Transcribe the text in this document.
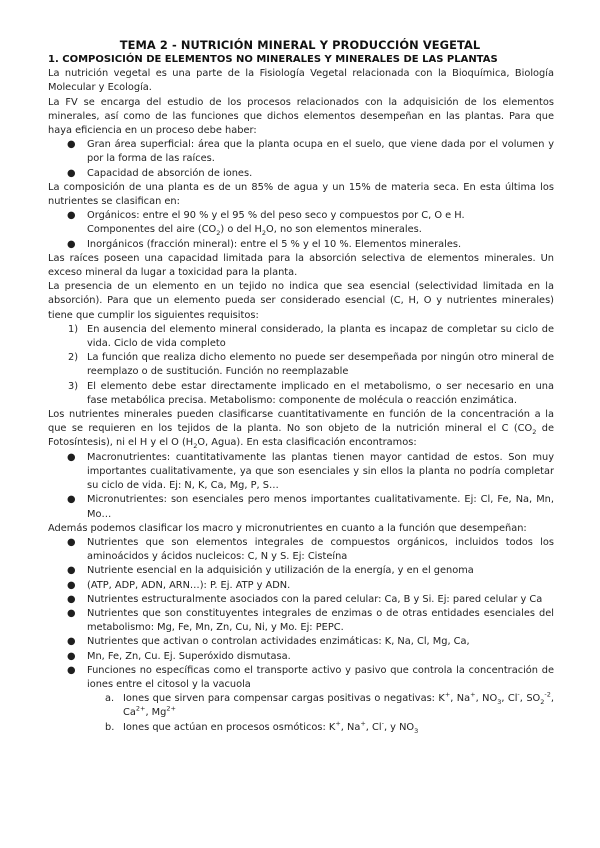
TEMA 2 - NUTRICIÓN MINERAL Y PRODUCCIÓN VEGETAL

1. COMPOSICIÓN DE ELEMENTOS NO MINERALES Y MINERALES DE LAS PLANTAS

La nutrición vegetal es una parte de la Fisiología Vegetal relacionada con la Bioquímica, Biología Molecular y Ecología.

La FV se encarga del estudio de los procesos relacionados con la adquisición de los elementos minerales, así como de las funciones que dichos elementos desempeñan en las plantas. Para que haya eficiencia en un proceso debe haber:

● Gran área superficial: área que la planta ocupa en el suelo, que viene dada por el volumen y por la forma de las raíces.
● Capacidad de absorción de iones.

La composición de una planta es de un 85% de agua y un 15% de materia seca. En esta última los nutrientes se clasifican en:

● Orgánicos: entre el 90 % y el 95 % del peso seco y compuestos por C, O e H.
Componentes del aire $(CO_2)$ o del $H_2O$, no son elementos minerales.
● Inorgánicos (fracción mineral): entre el 5 % y el 10 %. Elementos minerales.

Las raíces poseen una capacidad limitada para la absorción selectiva de elementos minerales. Un exceso mineral da lugar a toxicidad para la planta.

La presencia de un elemento en un tejido no indica que sea esencial (selectividad limitada en la absorción). Para que un elemento pueda ser considerado esencial (C, H, O y nutrientes minerales) tiene que cumplir los siguientes requisitos:

1) En ausencia del elemento mineral considerado, la planta es incapaz de completar su ciclo de vida. Ciclo de vida completo
2) La función que realiza dicho elemento no puede ser desempeñada por ningún otro mineral de reemplazo o de sustitución. Función no reemplazable
3) El elemento debe estar directamente implicado en el metabolismo, o ser necesario en una fase metabólica precisa. Metabolismo: componente de molécula o reacción enzimática.

Los nutrientes minerales pueden clasificarse cuantitativamente en función de la concentración a la que se requieren en los tejidos de la planta. No son objeto de la nutrición mineral el C ($CO_2$ de Fotosíntesis), ni el H y el O ($H_2O$, Agua). En esta clasificación encontramos:

● Macronutrientes: cuantitativamente las plantas tienen mayor cantidad de estos. Son muy importantes cualitativamente, ya que son esenciales y sin ellos la planta no podría completar su ciclo de vida. Ej: N, K, Ca, Mg, P, S…
● Micronutrientes: son esenciales pero menos importantes cualitativamente. Ej: Cl, Fe, Na, Mn, Mo…

Además podemos clasificar los macro y micronutrientes en cuanto a la función que desempeñan:

● Nutrientes que son elementos integrales de compuestos orgánicos, incluidos todos los aminoácidos y ácidos nucleicos: C, N y S. Ej: Cisteína
● Nutriente esencial en la adquisición y utilización de la energía, y en el genoma
● (ATP, ADP, ADN, ARN…): P. Ej. ATP y ADN.
● Nutrientes estructuralmente asociados con la pared celular: Ca, B y Si. Ej: pared celular y Ca
● Nutrientes que son constituyentes integrales de enzimas o de otras entidades esenciales del metabolismo: Mg, Fe, Mn, Zn, Cu, Ni, y Mo. Ej: PEPC.
● Nutrientes que activan o controlan actividades enzimáticas: K, Na, Cl, Mg, Ca,
● Mn, Fe, Zn, Cu. Ej. Superóxido dismutasa.
● Funciones no específicas como el transporte activo y pasivo que controla la concentración de iones entre el citosol y la vacuola
a. Iones que sirven para compensar cargas positivas o negativas: K+, Na+, $NO_3$, Cl-, $SO_2^{-2}$, $Ca^{2+}$, $Mg^{2+}$
b. Iones que actúan en procesos osmóticos: K+, Na+, Cl-, y $NO_3$
